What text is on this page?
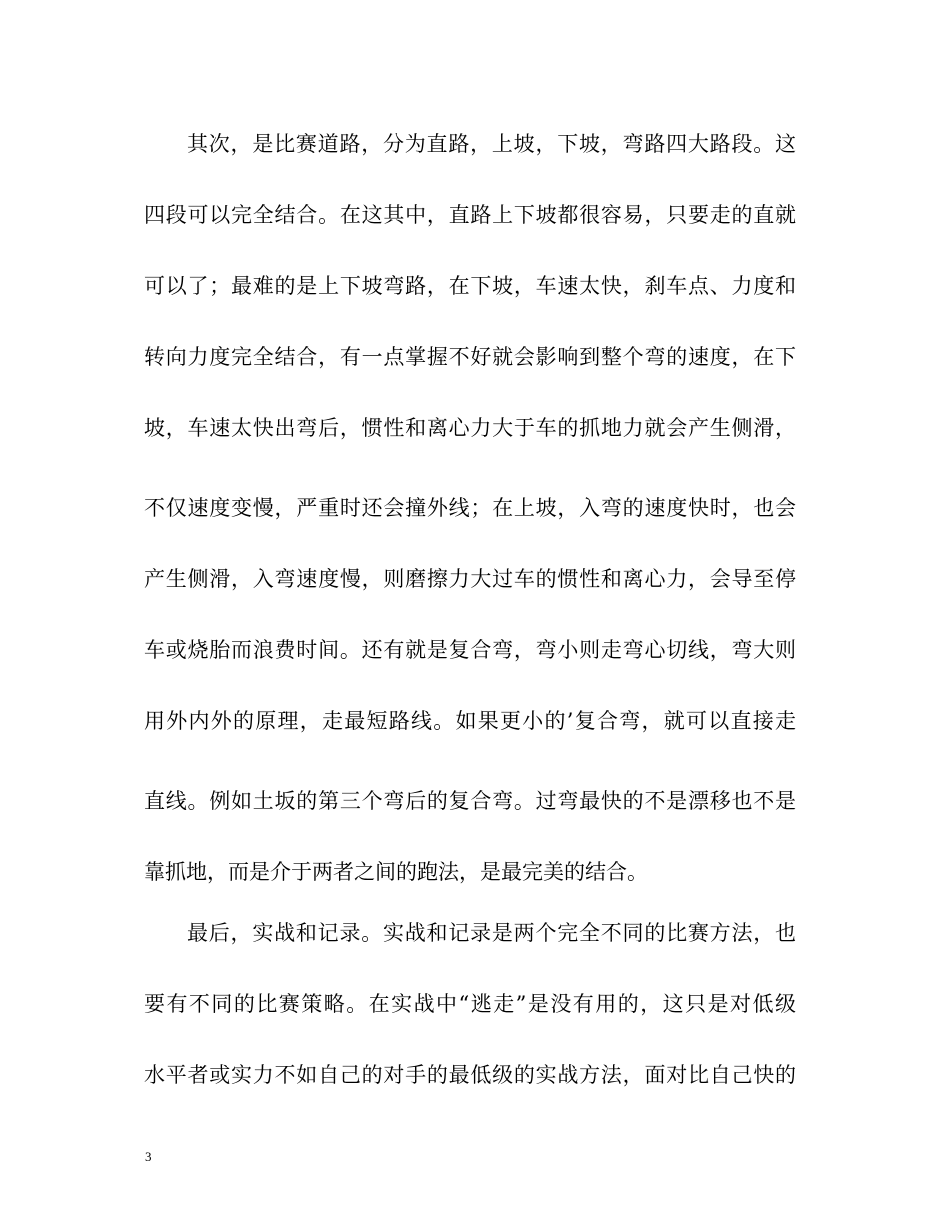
其次，是比赛道路，分为直路，上坡，下坡，弯路四大路段。这
四段可以完全结合。在这其中，直路上下坡都很容易，只要走的直就
可以了；最难的是上下坡弯路，在下坡，车速太快，刹车点、力度和
转向力度完全结合，有一点掌握不好就会影响到整个弯的速度，在下
坡，车速太快出弯后，惯性和离心力大于车的抓地力就会产生侧滑，
不仅速度变慢，严重时还会撞外线；在上坡，入弯的速度快时，也会
产生侧滑，入弯速度慢，则磨擦力大过车的惯性和离心力，会导至停
车或烧胎而浪费时间。还有就是复合弯，弯小则走弯心切线，弯大则
用外内外的原理，走最短路线。如果更小的’复合弯，就可以直接走
直线。例如土坂的第三个弯后的复合弯。过弯最快的不是漂移也不是
靠抓地，而是介于两者之间的跑法，是最完美的结合。
最后，实战和记录。实战和记录是两个完全不同的比赛方法，也
要有不同的比赛策略。在实战中“逃走”是没有用的，这只是对低级
水平者或实力不如自己的对手的最低级的实战方法，面对比自己快的
3
